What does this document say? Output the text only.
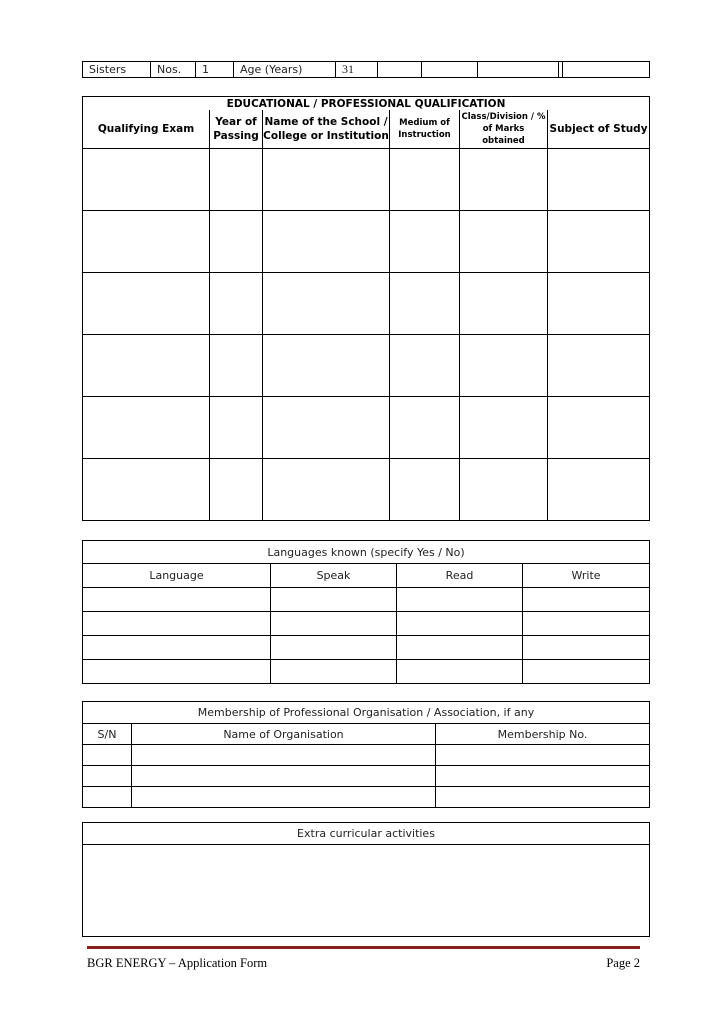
Sisters	Nos.	1	Age (Years)	31					
EDUCATIONAL / PROFESSIONAL QUALIFICATION					
Qualifying Exam	Year of Passing	Name of the School / College or Institution	Medium of Instruction	Class/Division / % of Marks obtained	Subject of Study

Languages known (specify Yes / No)			
Language	Speak	Read	Write

Membership of Professional Organisation / Association, if any		
S/N	Name of Organisation	Membership No.

Extra curricular activities

BGR ENERGY – Application Form	Page 2
